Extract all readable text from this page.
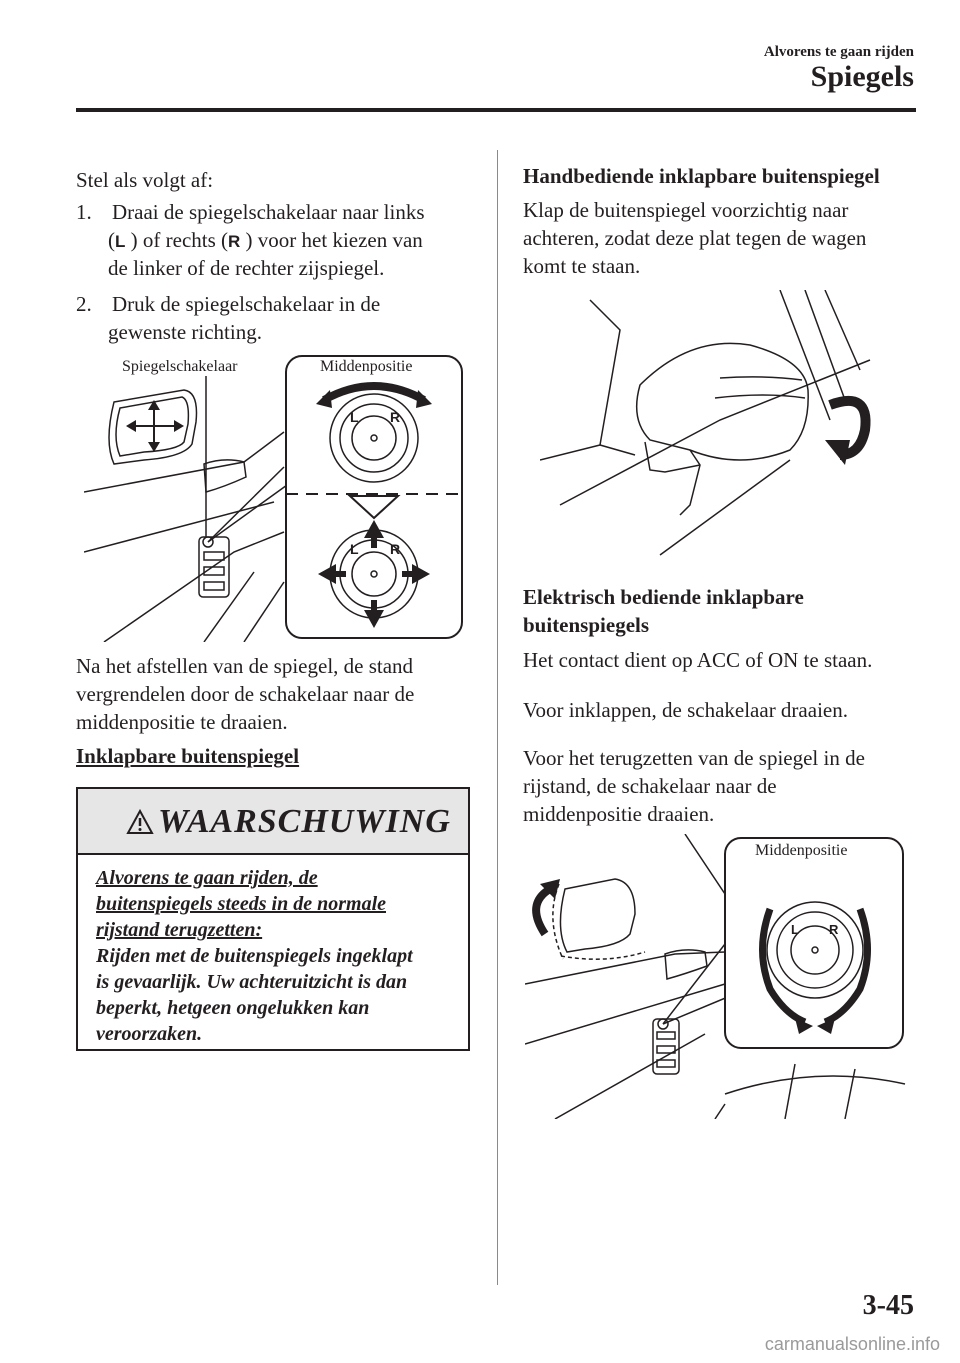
Alvorens te gaan rijden
Spiegels
Stel als volgt af:
1. Draai de spiegelschakelaar naar links
(L ) of rechts (R ) voor het kiezen van
de linker of de rechter zijspiegel.
2. Druk de spiegelschakelaar in de
gewenste richting.
L R
L R
Spiegelschakelaar	Middenpositie
Na het afstellen van de spiegel, de stand
vergrendelen door de schakelaar naar de
middenpositie te draaien.
Inklapbare buitenspiegel
WAARSCHUWING
Alvorens te gaan rijden, de
buitenspiegels steeds in de normale
rijstand terugzetten:
Rijden met de buitenspiegels ingeklapt
is gevaarlijk. Uw achteruitzicht is dan
beperkt, hetgeen ongelukken kan
veroorzaken.
Handbediende inklapbare buitenspiegel
Klap de buitenspiegel voorzichtig naar
achteren, zodat deze plat tegen de wagen
komt te staan.
Elektrisch bediende inklapbare
buitenspiegels
Het contact dient op ACC of ON te staan.
Voor inklappen, de schakelaar draaien.
Voor het terugzetten van de spiegel in de
rijstand, de schakelaar naar de
middenpositie draaien.
L R
Middenpositie
3-45
carmanualsonline.info
